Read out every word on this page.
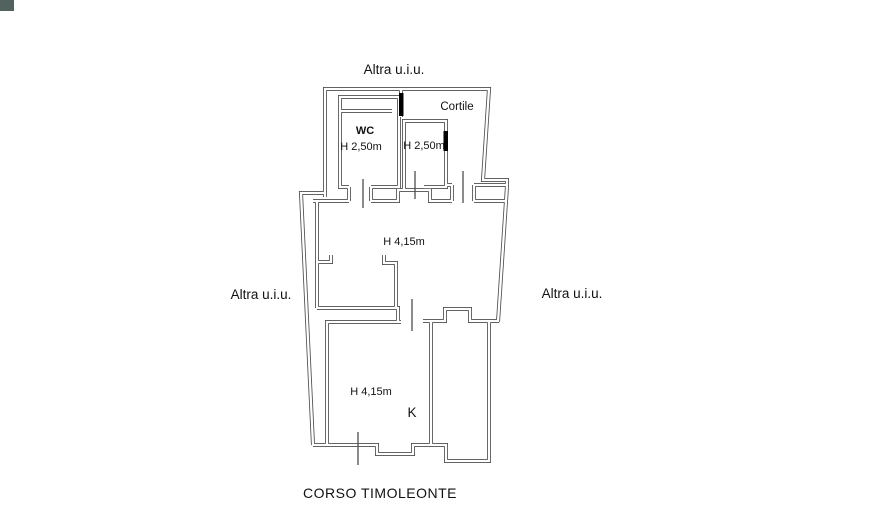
Altra u.i.u.
Cortile
WC
H 2,50m H 2,50m
H 4,15m
Altra u.i.u.	Altra u.i.u.
H 4,15m
K
CORSO TIMOLEONTE
